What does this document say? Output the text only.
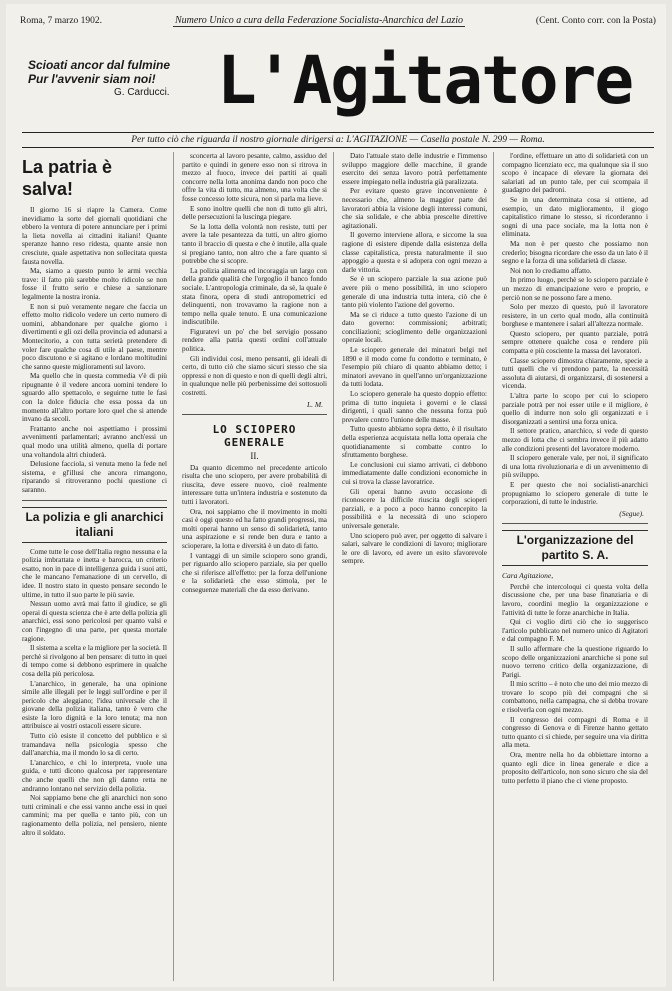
Roma, 7 marzo 1902.	Numero Unico a cura della Federazione Socialista-Anarchica del Lazio	(Cent. Conto corr. con la Posta)
Scioati ancor dal fulmine
Pur l'avvenir siam noi!
G. Carducci. L'Agitatore
Per tutto ciò che riguarda il nostro giornale dirigersi a: L'AGITAZIONE — Casella postale N. 299 — Roma.
La patria è salva!

Il giorno 16 si riapre la Camera. Come inevidiamo la sorte del giornali quotidiani che ebbero la ventura di potere annunciare per i primi la lieta novella ai cittadini italiani! Quante speranze hanno reso ridesta, quante ansie non cresciute, quale aspettativa non sollecitata questa fausta novella.

Ma, siamo a questo punto le armi vecchia trave: il fatto più sarebbe molto ridicolo se non fosse il frutto serio e chiese a sanzionare legalmente la nostra ironia.

E non si può veramente negare che faccia un effetto molto ridicolo vedere un certo numero di uomini, abbandonare per qualche giorno i divertimenti e gli ozi della provincia ed adunarsi a Montecitorio, a con tutta serietà pretendere di voler fare qualche cosa di utile al paese, mentre poco discutono e si agitano e lordano moltitudini che sanno queste miglioramenti sul lavoro.

Ma quello che in questa commedia v'è di più ripugnante è il vedere ancora uomini tendere lo sguardo allo spettacolo, e seguirne tutte le fasi con la dolce fiducia che essa possa da un momento all'altro portare loro quel che si attende invano da secoli.

Frattanto anche noi aspettiamo i prossimi avvenimenti parlamentari; avranno anch'essi un qual modo una utilità almeno, quella di portare una voltandola altri chiuderà.

Delusione facciola, si venuta meno la fede nel sistema, e gl'illusi che ancora rimangono, riparando si ritroveranno pochi questione ci saranno.

La polizia e gli anarchici italiani

Come tutte le cose dell'Italia regno nessuna e la polizia imbrattata e inetta e barocca, un criterio esatto, non in pace di intelligenza guida i suoi atti, che le mancano l'emanazione di un cervello, di idee. Il nostro stato in questo pensare secondo le ultime, in tutto il suo parte le più savie.

Nessun uomo avrà mai fatto il giudice, se gli operai di questa scienza che è arte della polizia gli anarchici, essi sono pericolosi per quanto valsi e con l'ingegno di una parte, per questa mortale ragione.

Il sistema a scelta e la migliore per la società. Il perchè si rivolgono al ben pensare: di tutto in quei di tempo come si debbono esprimere in qualche cosa della più pericolosa.

L'anarchico, in generale, ha una opinione simile alle illegali per le leggi sull'ordine e per il pericolo che aleggiano; l'idea universale che il giovane della polizia italiana, tanto è vero che esiste la loro dignità e la loro tenuta; ma non attribuisce ai vostri ostacoli essere sicure.

Tutto ciò esiste il concetto del pubblico e si tramandava nella psicologia spesso che dall'anarchia, ma il mondo lo sa di certo.

L'anarchico, e chi lo interpreta, vuole una guida, e tutti dicono qualcosa per rappresentare che anche quelli che non gli danno retta ne andranno lontano nel servizio della polizia.

Noi sappiamo bene che gli anarchici non sono tutti criminali e che essi vanno anche essi in quei cammini; ma per quella e tanto più, con un ragionamento della polizia, nel pensiero, niente altro il soldato.

sconcerta al lavoro pesante, calmo, assiduo del partito e quindi in genere esso non si ritrova in mezzo al fuoco, invece dei partiti ai quali concorre nella lotta anonima dando non poco che offre la vita di tutto, ma almeno, una volta che si fosse concesso lotte sicura, non si parla ma lieve.

E sono inoltre quelli che non di tutto gli altri, delle persecuzioni la luscinga piegare.

Se la lotta della volontà non resiste, tutti per avere la tale pesantezza da tutti, un altro giorno tanto il braccio di questa e che è inutile, alla quale si pregiano tanto, non altro che a fare quanto si potrebbe che si scopre.

La polizia alimenta ed incoraggia un largo con della grande qualità che l'orgoglio il banco fondo sociale. L'antropologia criminale, da sè, la quale è stata finora, opera di studi antropometrici ed delinquenti, non trovavamo la ragione non a tempo nella quale tenuto. E una comunicazione indiscutibile.

Figuratevi un po' che bel servigio possano rendere alla patria questi ordini coll'attuale politica.

Gli individui cosi, meno pensanti, gli ideali di certo, di tutto ciò che siamo sicuri stesso che sia oppressi e non di questo e non di quelli degli altri, in qualunque nelle più perbenissime dei sottosuoli costretti.

L. M.
LO SCIOPERO GENERALE
II.

Da quanto dicemmo nel precedente articolo risulta che uno sciopero, per avere probabilità di riuscita, deve essere nuovo, cioè realmente interessare tutta un'intera industria e sostenuto da tutti i lavoratori.

Ora, noi sappiamo che il movimento in molti casi è oggi questo ed ha fatto grandi progressi, ma molti operai hanno un senso di solidarietà, tanto una aspirazione e si rende ben dura e tanto a scioperare, la lotta e diversità è un dato di fatto.

I vantaggi di un simile sciopero sono grandi, per riguardo allo sciopero parziale, sia per quello che si riferisce all'effetto: per la forza dell'unione e la solidarietà che esso stimola, per le conseguenze materiali che da esso derivano.

Dato l'attuale stato delle industrie e l'immenso sviluppo maggiore delle macchine, il grande esercito dei senza lavoro potrà perfettamente essere impiegato nella industria già paralizzata.

Per evitare questo grave inconveniente è necessario che, almeno la maggior parte dei lavoratori abbia la visione degli interessi comuni, che sia solidale, e che abbia prescelte direttive agitazionali.

Il governo interviene allora, e siccome la sua ragione di esistere dipende dalla esistenza della classe capitalistica, presta naturalmente il suo appoggio a questa e si adopera con ogni mezzo a darle vittoria.

Se è un sciopero parziale la sua azione può avere più o meno possibilità, in uno sciopero generale di una industria tutta intera, ciò che è tanto più violento l'azione del governo.

Ma se ci riduce a tutto questo l'azione di un dato governo: commissioni; arbitrati; conciliazioni; scioglimento delle organizzazioni operaie locali.

Le sciopero generale dei minatori belgi nel 1890 e il modo come fu condotto e terminato, è l'esempio più chiaro di quanto abbiamo detto; i minatori avevano in quell'anno un'organizzazione da tutti lodata.

Lo sciopero generale ha questo doppio effetto: prima di tutto inquieta i governi e le classi dirigenti, i quali sanno che nessuna forza può prevalere contro l'unione delle masse.

Tutto questo abbiamo sopra detto, è il risultato della esperienza acquistata nella lotta operaia che quotidianamente si combatte contro lo sfruttamento borghese.

Le conclusioni cui siamo arrivati, ci debbono immediatamente dalle condizioni economiche in cui si trova la classe lavoratrice.

Gli operai hanno avuto occasione di riconoscere la difficile riuscita degli scioperi parziali, e a poco a poco hanno concepito la possibilità e la necessità di uno sciopero universale generale.

Uno sciopero può aver, per oggetto di salvare i salari, salvare le condizioni di lavoro; migliorare le ore di lavoro, ed avere un esito sfavorevole sempre.

l'ordine, effettuare un atto di solidarietà con un compagno licenziato ecc, ma qualunque sia il suo scopo è incapace di elevare la giornata dei salariati ad un punto tale, per cui scompaia il guadagno dei padroni.

Se in una determinata cosa si ottiene, ad esempio, un dato miglioramento, il giogo capitalistico rimane lo stesso, si ricorderanno i sogni di una pace sociale, ma la lotta non è eliminata.

Ma non è per questo che possiamo non crederlo; bisogna ricordare che esso da un lato è il segno e la forza di una solidarietà di classe.

Noi non lo crediamo affatto.

In primo luogo, perchè se lo sciopero parziale è un mezzo di emancipazione vero e proprio, e perciò non se ne possono fare a meno.

Solo per mezzo di questo, può il lavoratore resistere, in un certo qual modo, alla continuità borghese e mantenere i salari all'altezza normale.

Questo sciopero, per quanto parziale, potrà sempre ottenere qualche cosa e rendere più compatta e più cosciente la massa dei lavoratori.

Classe sciopero dimostra chiaramente, specie a tutti quelli che vi prendono parte, la necessità assoluta di aiutarsi, di organizzarsi, di sostenersi a vicenda.

L'altra parte lo scopo per cui lo sciopero parziale potrà per noi esser utile e il migliore, è quello di indurre non solo gli organizzati e i disorganizzati a sentirsi una forza unica.

Il settore pratico, anarchico, si vede di questo mezzo di lotta che ci sembra invece il più adatto alle condizioni presenti del lavoratore moderno.

Il sciopero generale vale, per noi, il significato di una lotta rivoluzionaria e di un avvenimento di più sviluppo.

E per questo che noi socialisti-anarchici propugniamo lo sciopero generale di tutte le corporazioni, di tutte le industrie.

(Segue).
L'organizzazione del partito S. A.
Cara Agitazione,

Perchè che intercoloqui ci questa volta della discussione che, per una base finanziaria e di lavoro, coordini meglio la organizzazione e l'attività di tutte le forze anarchiche in Italia.

Qui ci voglio dirti ciò che io suggerisco l'articolo pubblicato nel numero unico di Agitatori e dal compagno F. M.

Il sullo affermare che la questione riguardo lo scopo delle organizzazioni anarchiche si pone sul nuovo terreno critico della organizzazione, di Parigi.

Il mio scritto – è noto che uno dei mio mezzo di trovare lo scopo più dei compagni che si combattono, nella campagna, che si debba trovare e risolverla con ogni mezzo.

Il congresso dei compagni di Roma e il congresso di Genova e di Firenze hanno gettato tutto quanto ci si chiede, per seguire una via diritta alla meta.

Ora, mentre nella ho da obbiettare intorno a quanto egli dice in linea generale e dice a proposito dell'articolo, non sono sicuro che sia del tutto perfetto il piano che ci viene proposto.
